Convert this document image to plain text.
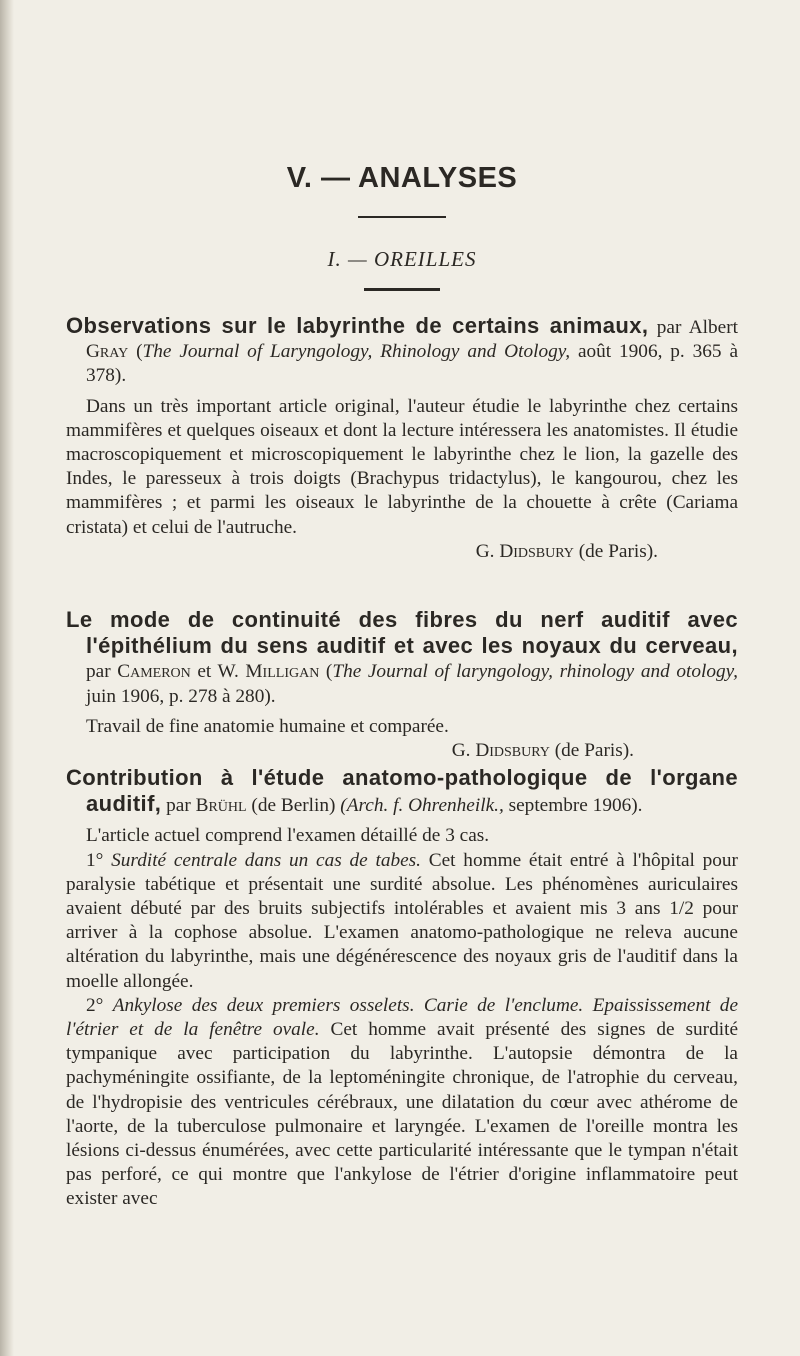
V. — ANALYSES
I. — OREILLES

Observations sur le labyrinthe de certains animaux, par Albert Gray (The Journal of Laryngology, Rhinology and Otology, août 1906, p. 365 à 378).

Dans un très important article original, l'auteur étudie le labyrinthe chez certains mammifères et quelques oiseaux et dont la lecture intéressera les anatomistes. Il étudie macroscopiquement et microscopiquement le labyrinthe chez le lion, la gazelle des Indes, le paresseux à trois doigts (Brachypus tridactylus), le kangourou, chez les mammifères ; et parmi les oiseaux le labyrinthe de la chouette à crête (Cariama cristata) et celui de l'autruche.

G. Didsbury (de Paris).

Le mode de continuité des fibres du nerf auditif avec l'épithélium du sens auditif et avec les noyaux du cerveau, par Cameron et W. Milligan (The Journal of laryngology, rhinology and otology, juin 1906, p. 278 à 280).

Travail de fine anatomie humaine et comparée.

G. Didsbury (de Paris).

Contribution à l'étude anatomo-pathologique de l'organe auditif, par Brühl (de Berlin) (Arch. f. Ohrenheilk., septembre 1906).

L'article actuel comprend l'examen détaillé de 3 cas.

1° Surdité centrale dans un cas de tabes. Cet homme était entré à l'hôpital pour paralysie tabétique et présentait une surdité absolue. Les phénomènes auriculaires avaient débuté par des bruits subjectifs intolérables et avaient mis 3 ans 1/2 pour arriver à la cophose absolue. L'examen anatomo-pathologique ne releva aucune altération du labyrinthe, mais une dégénérescence des noyaux gris de l'auditif dans la moelle allongée.

2° Ankylose des deux premiers osselets. Carie de l'enclume. Epaississement de l'étrier et de la fenêtre ovale. Cet homme avait présenté des signes de surdité tympanique avec participation du labyrinthe. L'autopsie démontra de la pachyméningite ossifiante, de la leptoméningite chronique, de l'atrophie du cerveau, de l'hydropisie des ventricules cérébraux, une dilatation du cœur avec athérome de l'aorte, de la tuberculose pulmonaire et laryngée. L'examen de l'oreille montra les lésions ci-dessus énumérées, avec cette particularité intéressante que le tympan n'était pas perforé, ce qui montre que l'ankylose de l'étrier d'origine inflammatoire peut exister avec
